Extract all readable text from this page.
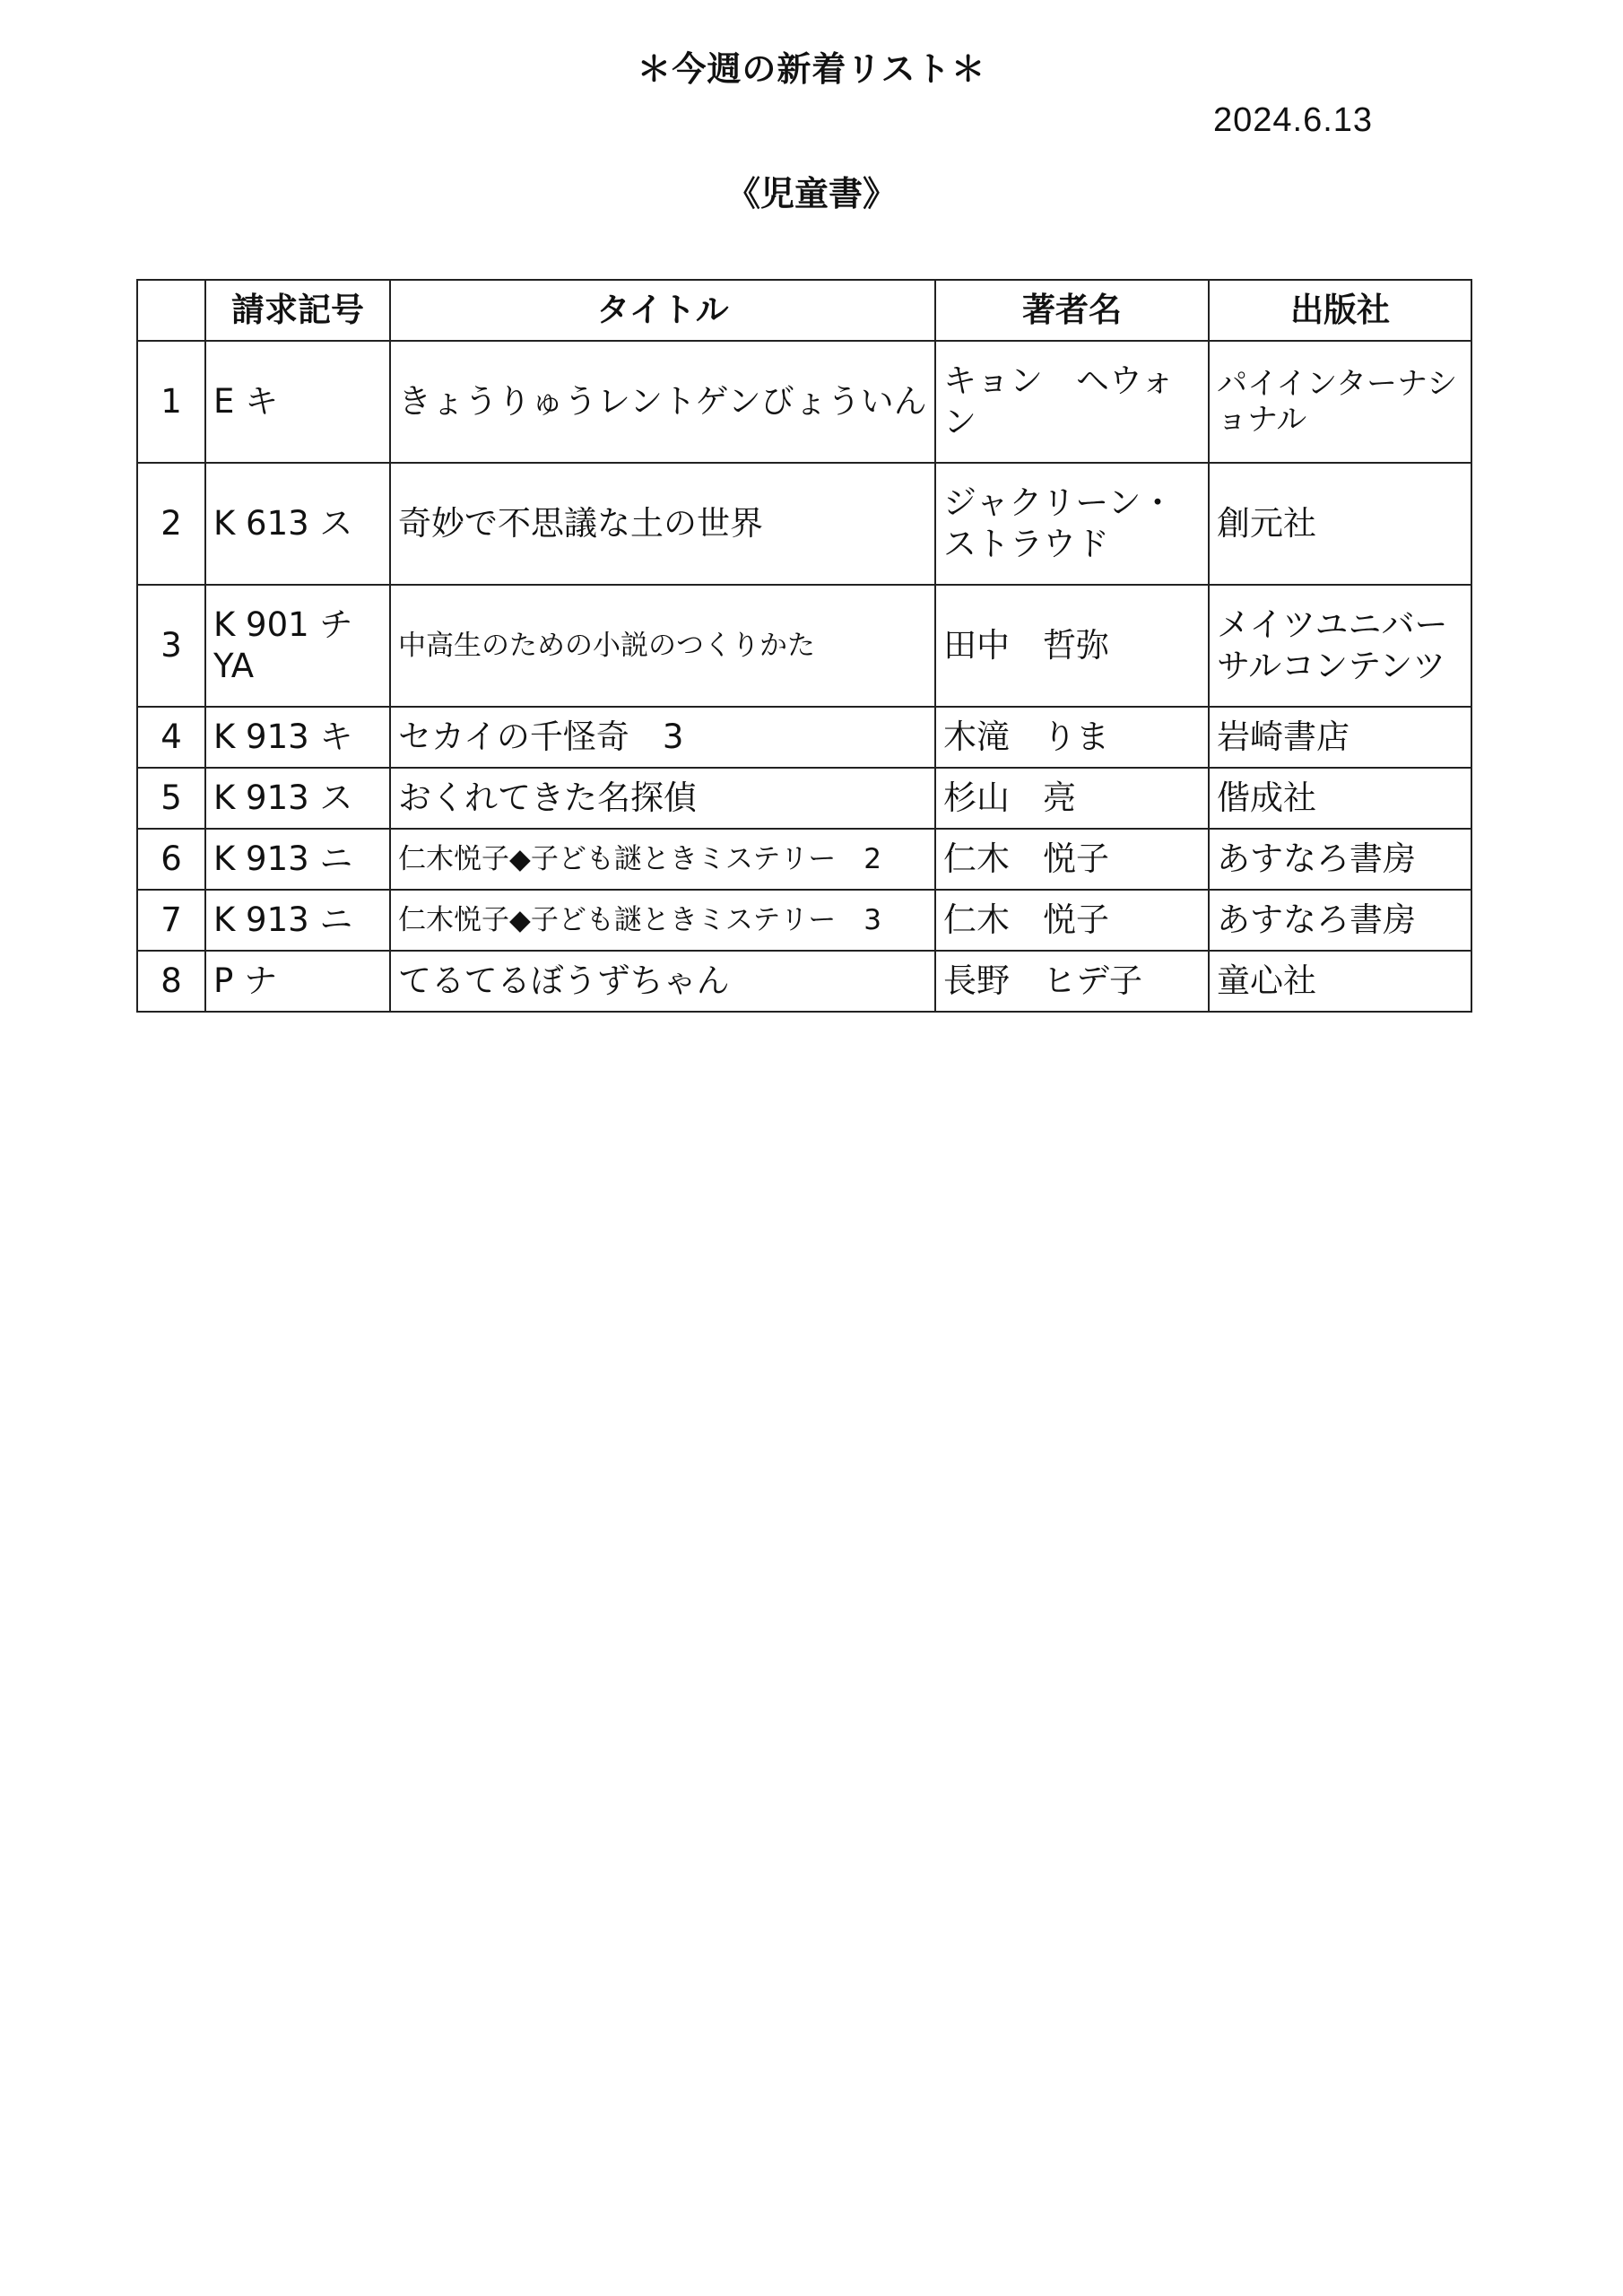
＊今週の新着リスト＊
2024.6.13
《児童書》
	請求記号	タイトル	著者名	出版社
1	E キ	きょうりゅうレントゲンびょういん	キョン　ヘウォン	パイインターナショナル
2	K 613 ス	奇妙で不思議な土の世界	ジャクリーン・ストラウド	創元社
3	K 901 チ YA	中高生のための小説のつくりかた	田中　哲弥	メイツユニバーサルコンテンツ
4	K 913 キ	セカイの千怪奇　3	木滝　りま	岩崎書店
5	K 913 ス	おくれてきた名探偵	杉山　亮	偕成社
6	K 913 ニ	仁木悦子◆子ども謎ときミステリー　2	仁木　悦子	あすなろ書房
7	K 913 ニ	仁木悦子◆子ども謎ときミステリー　3	仁木　悦子	あすなろ書房
8	P ナ	てるてるぼうずちゃん	長野　ヒデ子	童心社
